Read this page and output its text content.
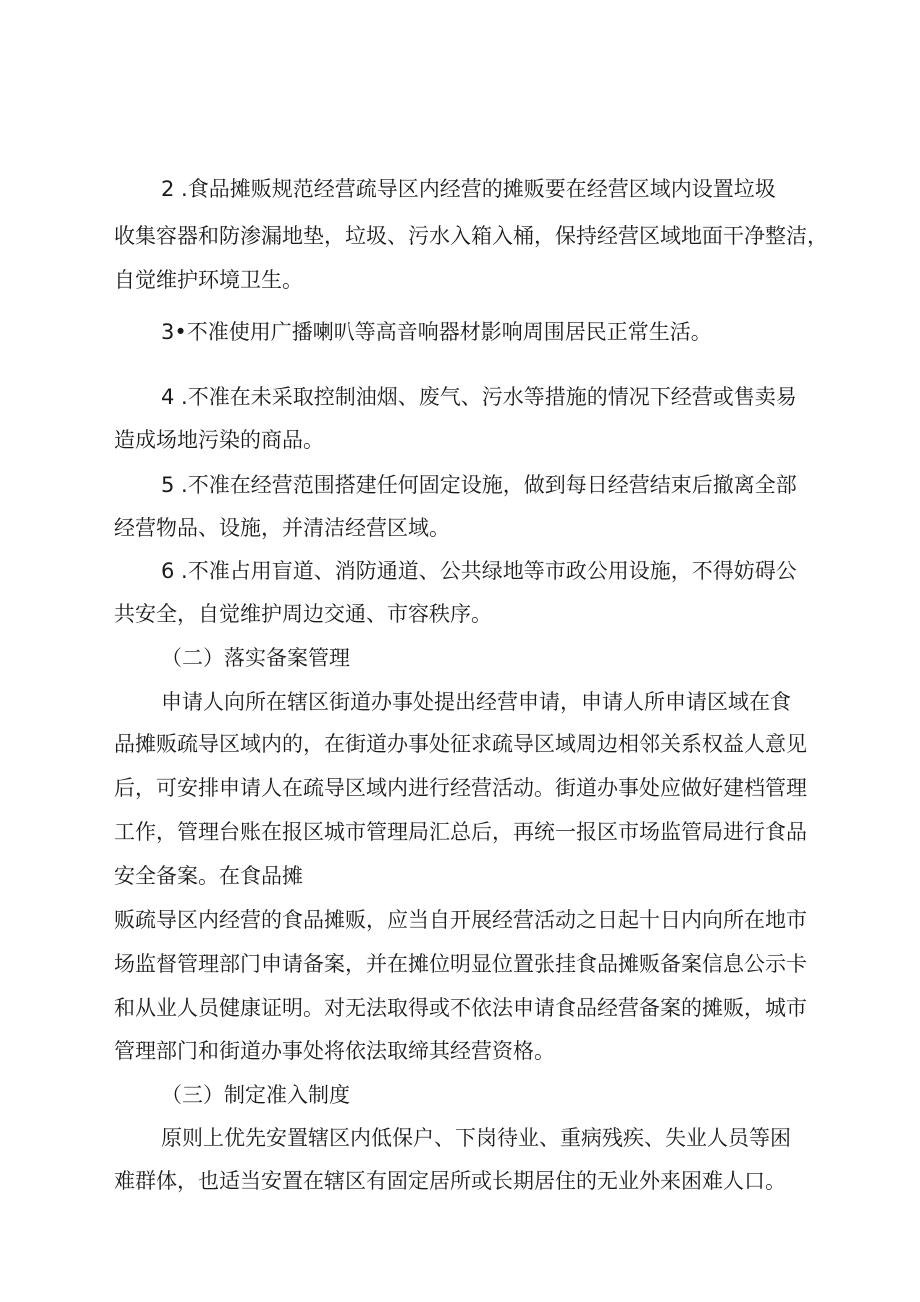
2 .食品摊贩规范经营疏导区内经营的摊贩要在经营区域内设置垃圾
收集容器和防渗漏地垫，垃圾、污水入箱入桶，保持经营区域地面干净整洁，
自觉维护环境卫生。
3•不准使用广播喇叭等高音响器材影响周围居民正常生活。
4 .不准在未采取控制油烟、废气、污水等措施的情况下经营或售卖易
造成场地污染的商品。
5 .不准在经营范围搭建任何固定设施，做到每日经营结束后撤离全部
经营物品、设施，并清洁经营区域。
6 .不准占用盲道、消防通道、公共绿地等市政公用设施，不得妨碍公
共安全，自觉维护周边交通、市容秩序。
（二）落实备案管理
申请人向所在辖区街道办事处提出经营申请，申请人所申请区域在食
品摊贩疏导区域内的，在街道办事处征求疏导区域周边相邻关系权益人意见
后，可安排申请人在疏导区域内进行经营活动。街道办事处应做好建档管理
工作，管理台账在报区城市管理局汇总后，再统一报区市场监管局进行食品
安全备案。在食品摊
贩疏导区内经营的食品摊贩，应当自开展经营活动之日起十日内向所在地市
场监督管理部门申请备案，并在摊位明显位置张挂食品摊贩备案信息公示卡
和从业人员健康证明。对无法取得或不依法申请食品经营备案的摊贩，城市
管理部门和街道办事处将依法取缔其经营资格。
（三）制定准入制度
原则上优先安置辖区内低保户、下岗待业、重病残疾、失业人员等困
难群体，也适当安置在辖区有固定居所或长期居住的无业外来困难人口。
